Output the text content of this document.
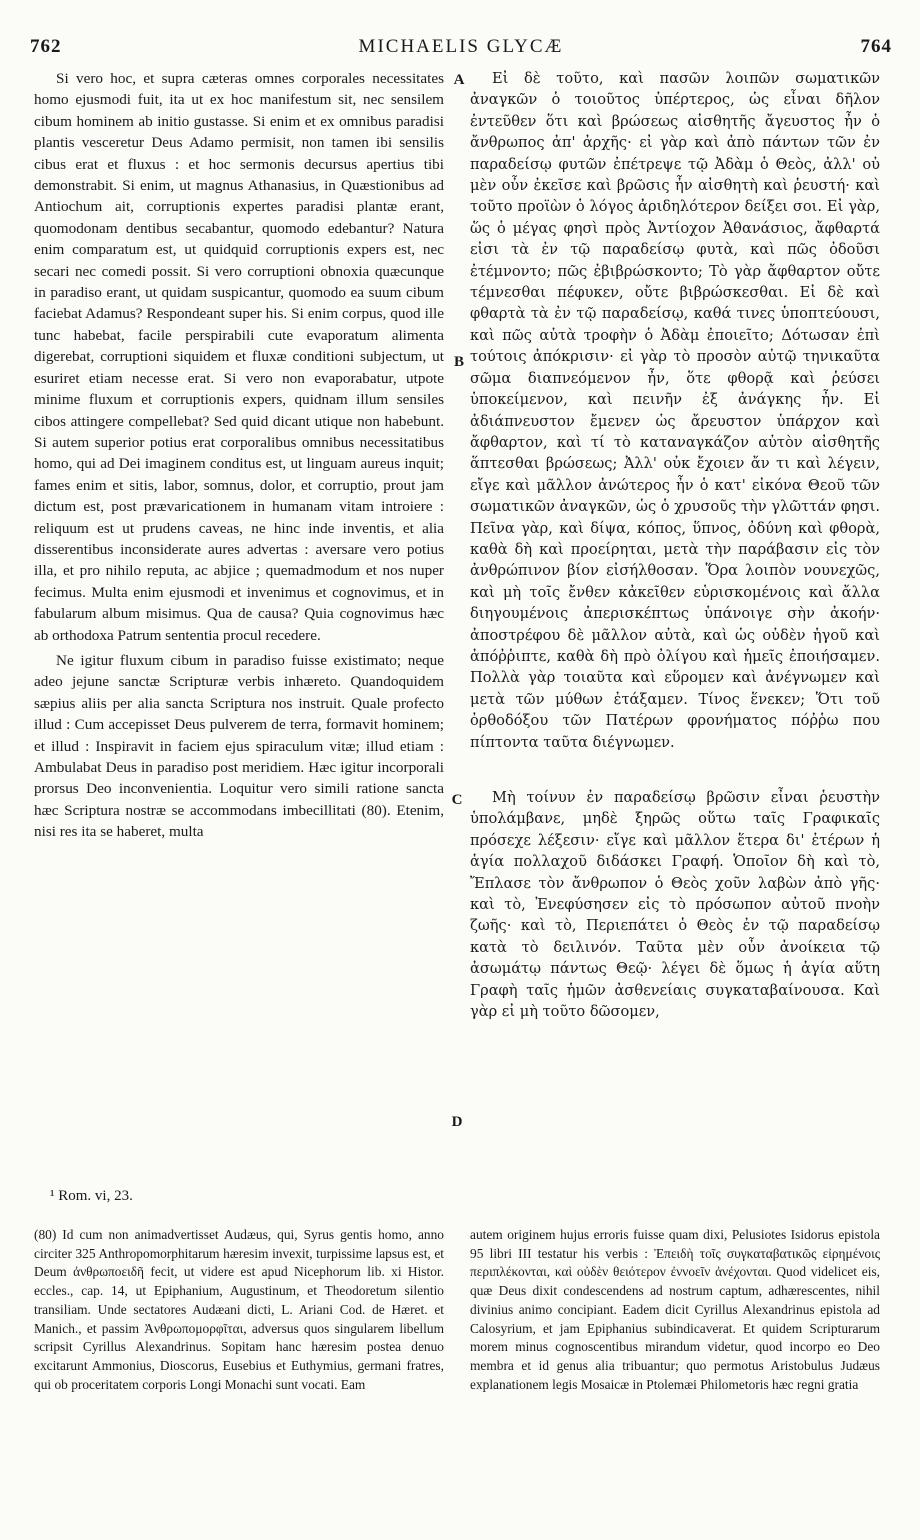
762	MICHAELIS GLYCÆ	764

Si vero hoc, et supra cæteras omnes corporales necessitates homo ejusmodi fuit, ita ut ex hoc manifestum sit, nec sensilem cibum hominem ab initio gustasse. Si enim et ex omnibus paradisi plantis vesceretur Deus Adamo permisit, non tamen ibi sensilis cibus erat et fluxus : et hoc sermonis decursus apertius tibi demonstrabit. Si enim, ut magnus Athanasius, in Quæstionibus ad Antiochum ait, corruptionis expertes paradisi plantæ erant, quomodonam dentibus secabantur, quomodo edebantur? Natura enim comparatum est, ut quidquid corruptionis expers est, nec secari nec comedi possit. Si vero corruptioni obnoxia quæcunque in paradiso erant, ut quidam suspicantur, quomodo ea suum cibum faciebat Adamus? Respondeant super his. Si enim corpus, quod ille tunc habebat, facile perspirabili cute evaporatum alimenta digerebat, corruptioni siquidem et fluxæ conditioni subjectum, ut esuriret etiam necesse erat. Si vero non evaporabatur, utpote minime fluxum et corruptionis expers, quidnam illum sensiles cibos attingere compellebat? Sed quid dicant utique non habebunt. Si autem superior potius erat corporalibus omnibus necessitatibus homo, qui ad Dei imaginem conditus est, ut linguam aureus inquit; fames enim et sitis, labor, somnus, dolor, et corruptio, prout jam dictum est, post prævaricationem in humanam vitam introiere : reliquum est ut prudens caveas, ne hinc inde inventis, et alia disserentibus inconsiderate aures advertas : aversare vero potius illa, et pro nihilo reputa, ac abjice ; quemadmodum et nos nuper fecimus. Multa enim ejusmodi et invenimus et cognovimus, et in fabularum album misimus. Qua de causa? Quia cognovimus hæc ab orthodoxa Patrum sententia procul recedere.

Ne igitur fluxum cibum in paradiso fuisse existimato; neque adeo jejune sanctæ Scripturæ verbis inhæreto. Quandoquidem sæpius aliis per alia sancta Scriptura nos instruit. Quale profecto illud : Cum accepisset Deus pulverem de terra, formavit hominem; et illud : Inspiravit in faciem ejus spiraculum vitæ; illud etiam : Ambulabat Deus in paradiso post meridiem. Hæc igitur incorporali prorsus Deo inconvenientia. Loquitur vero simili ratione sancta hæc Scriptura nostræ se accommodans imbecillitati (80). Etenim, nisi res ita se haberet, multa

A
B
C
D

Εἰ δὲ τοῦτο, καὶ πασῶν λοιπῶν σωματικῶν ἀναγκῶν ὁ τοιοῦτος ὑπέρτερος, ὡς εἶναι δῆλον ἐντεῦθεν ὅτι καὶ βρώσεως αἰσθητῆς ἄγευστος ἦν ὁ ἄνθρωπος ἀπ' ἀρχῆς· εἰ γὰρ καὶ ἀπὸ πάντων τῶν ἐν παραδείσῳ φυτῶν ἐπέτρεψε τῷ Ἀδὰμ ὁ Θεὸς, ἀλλ' οὐ μὲν οὖν ἐκεῖσε καὶ βρῶσις ἦν αἰσθητὴ καὶ ῥευστή· καὶ τοῦτο προϊὼν ὁ λόγος ἀριδηλότερον δείξει σοι. Εἰ γὰρ, ὥς ὁ μέγας φησὶ πρὸς Ἀντίοχον Ἀθανάσιος, ἄφθαρτά εἰσι τὰ ἐν τῷ παραδείσῳ φυτὰ, καὶ πῶς ὀδοῦσι ἐτέμνοντο; πῶς ἐβιβρώσκοντο; Τὸ γὰρ ἄφθαρτον οὔτε τέμνεσθαι πέφυκεν, οὔτε βιβρώσκεσθαι. Εἰ δὲ καὶ φθαρτὰ τὰ ἐν τῷ παραδείσῳ, καθά τινες ὑποπτεύουσι, καὶ πῶς αὐτὰ τροφὴν ὁ Ἀδὰμ ἐποιεῖτο; Δότωσαν ἐπὶ τούτοις ἀπόκρισιν· εἰ γὰρ τὸ προσὸν αὐτῷ τηνικαῦτα σῶμα διαπνεόμενον ἦν, ὅτε φθορᾷ καὶ ῥεύσει ὑποκείμενον, καὶ πεινῆν ἐξ ἀνάγκης ἦν. Εἰ ἀδιάπνευστον ἔμενεν ὡς ἄρευστον ὑπάρχον καὶ ἄφθαρτον, καὶ τί τὸ καταναγκάζον αὐτὸν αἰσθητῆς ἅπτεσθαι βρώσεως; Ἀλλ' οὐκ ἔχοιεν ἄν τι καὶ λέγειν, εἴγε καὶ μᾶλλον ἀνώτερος ἦν ὁ κατ' εἰκόνα Θεοῦ τῶν σωματικῶν ἀναγκῶν, ὡς ὁ χρυσοῦς τὴν γλῶττάν φησι. Πεῖνα γὰρ, καὶ δίψα, κόπος, ὕπνος, ὀδύνη καὶ φθορὰ, καθὰ δὴ καὶ προείρηται, μετὰ τὴν παράβασιν εἰς τὸν ἀνθρώπινον βίον εἰσήλθοσαν. Ὅρα λοιπὸν νουνεχῶς, καὶ μὴ τοῖς ἔνθεν κἀκεῖθεν εὑρισκομένοις καὶ ἄλλα διηγουμένοις ἀπερισκέπτως ὑπάνοιγε σὴν ἀκοήν· ἀποστρέφου δὲ μᾶλλον αὐτὰ, καὶ ὡς οὐδὲν ἡγοῦ καὶ ἀπόῤῥιπτε, καθὰ δὴ πρὸ ὀλίγου καὶ ἡμεῖς ἐποιήσαμεν. Πολλὰ γὰρ τοιαῦτα καὶ εὕρομεν καὶ ἀνέγνωμεν καὶ μετὰ τῶν μύθων ἐτάξαμεν. Τίνος ἕνεκεν; Ὅτι τοῦ ὀρθοδόξου τῶν Πατέρων φρονήματος πόῤῥω που πίπτοντα ταῦτα διέγνωμεν.

Μὴ τοίνυν ἐν παραδείσῳ βρῶσιν εἶναι ῥευστὴν ὑπολάμβανε, μηδὲ ξηρῶς οὕτω ταῖς Γραφικαῖς πρόσεχε λέξεσιν· εἴγε καὶ μᾶλλον ἕτερα δι' ἑτέρων ἡ ἁγία πολλαχοῦ διδάσκει Γραφή. Ὁποῖον δὴ καὶ τὸ, Ἔπλασε τὸν ἄνθρωπον ὁ Θεὸς χοῦν λαβὼν ἀπὸ γῆς· καὶ τὸ, Ἐνεφύσησεν εἰς τὸ πρόσωπον αὐτοῦ πνοὴν ζωῆς· καὶ τὸ, Περιεπάτει ὁ Θεὸς ἐν τῷ παραδείσῳ κατὰ τὸ δειλινόν. Ταῦτα μὲν οὖν ἀνοίκεια τῷ ἀσωμάτῳ πάντως Θεῷ· λέγει δὲ ὅμως ἡ ἁγία αὕτη Γραφὴ ταῖς ἡμῶν ἀσθενείαις συγκαταβαίνουσα. Καὶ γὰρ εἰ μὴ τοῦτο δῶσομεν,

¹ Rom. vi, 23.

(80) Id cum non animadvertisset Audæus, qui, Syrus gentis homo, anno circiter 325 Anthropomorphitarum hæresim invexit, turpissime lapsus est, et Deum ἀνθρωποειδῆ fecit, ut videre est apud Nicephorum lib. xi Histor. eccles., cap. 14, ut Epiphanium, Augustinum, et Theodoretum silentio transiliam. Unde sectatores Audæani dicti, L. Ariani Cod. de Hæret. et Manich., et passim Ἀνθρωπομορφῖται, adversus quos singularem libellum scripsit Cyrillus Alexandrinus. Sopitam hanc hæresim postea denuo excitarunt Ammonius, Dioscorus, Eusebius et Euthymius, germani fratres, qui ob proceritatem corporis Longi Monachi sunt vocati. Eam

autem originem hujus erroris fuisse quam dixi, Pelusiotes Isidorus epistola 95 libri III testatur his verbis : Ἐπειδὴ τοῖς συγκαταβατικῶς εἰρημένοις περιπλέκονται, καὶ οὐδὲν θειότερον ἐννοεῖν ἀνέχονται. Quod videlicet eis, quæ Deus dixit condescendens ad nostrum captum, adhærescentes, nihil divinius animo concipiant. Eadem dicit Cyrillus Alexandrinus epistola ad Calosyrium, et jam Epiphanius subindicaverat. Et quidem Scripturarum morem minus cognoscentibus mirandum videtur, quod incorpo eo Deo membra et id genus alia tribuantur; quo permotus Aristobulus Judæus explanationem legis Mosaicæ in Ptolemæi Philometoris hæc regni gratia
